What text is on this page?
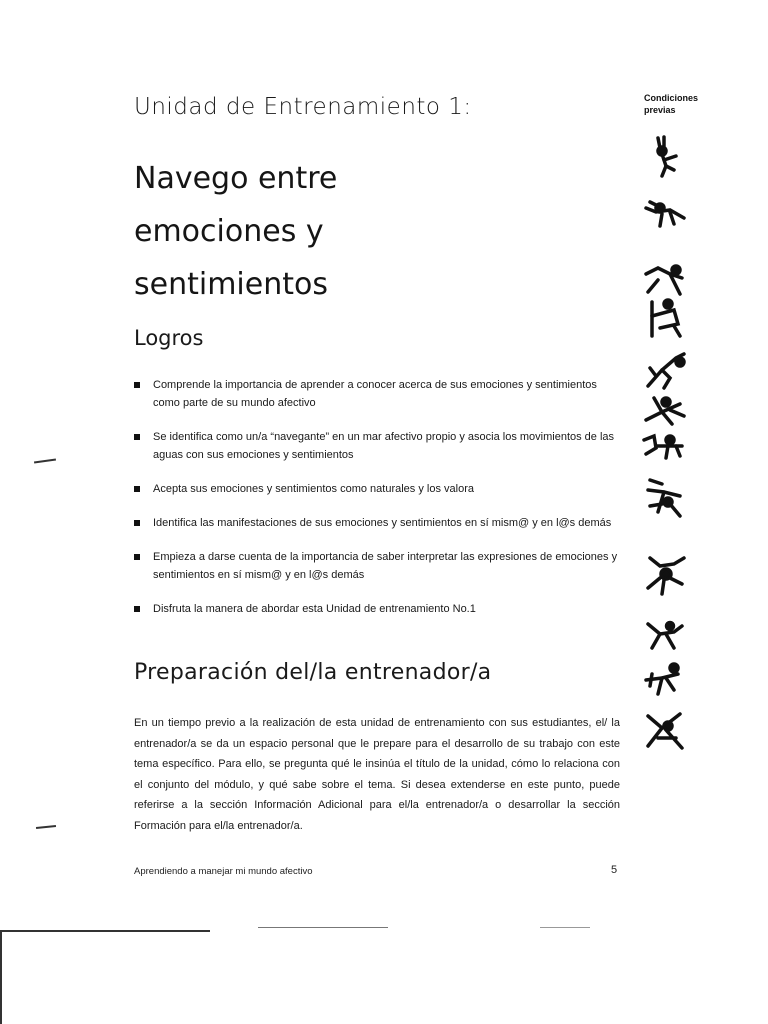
Unidad de Entrenamiento 1:
Navego entre
emociones y
sentimientos
Logros
Comprende la importancia de aprender a conocer acerca de sus emociones y sentimientos como parte de su mundo afectivo
Se identifica como un/a “navegante” en un mar afectivo propio y asocia los movimientos de las aguas con sus emociones y sentimientos
Acepta sus emociones y sentimientos como naturales y los valora
Identifica las manifestaciones de sus emociones y sentimientos en sí mism@ y en l@s demás
Empieza a darse cuenta de la importancia de saber interpretar las expresiones de emociones y sentimientos en sí mism@ y en l@s demás
Disfruta la manera de abordar esta Unidad de entrenamiento No.1
Preparación del/la entrenador/a
En un tiempo previo a la realización de esta unidad de entrenamiento con sus estudiantes, el/ la entrenador/a se da un espacio personal que le prepare para el desarrollo de su trabajo con este tema específico. Para ello, se pregunta qué le insinúa el título de la unidad, cómo lo relaciona con el conjunto del módulo, y qué sabe sobre el tema. Si desea extenderse en este punto, puede referirse a la sección Información Adicional para el/la entrenador/a o desarrollar la sección Formación para el/la entrenador/a.
Aprendiendo a manejar mi mundo afectivo	5
Condiciones
previas
